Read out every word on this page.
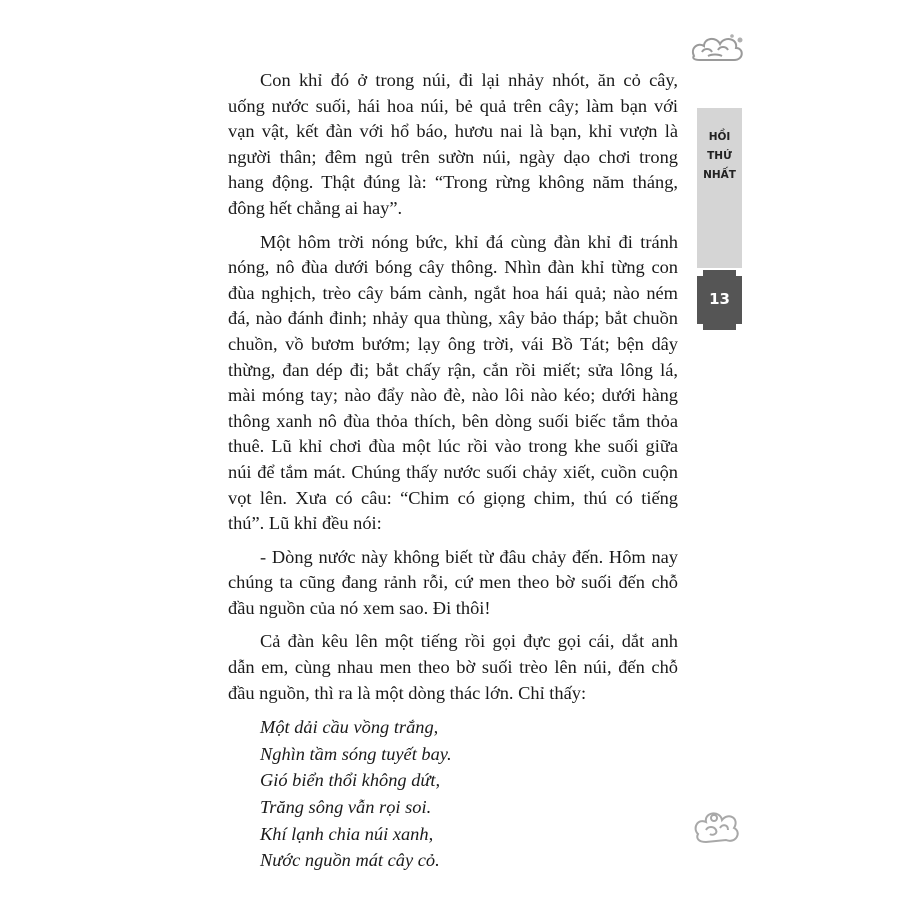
Con khỉ đó ở trong núi, đi lại nhảy nhót, ăn cỏ cây,
uống nước suối, hái hoa núi, bẻ quả trên cây; làm bạn với
vạn vật, kết đàn với hổ báo, hươu nai là bạn, khỉ vượn là
người thân; đêm ngủ trên sườn núi, ngày dạo chơi trong
hang động. Thật đúng là: “Trong rừng không năm tháng,
đông hết chẳng ai hay”.
Một hôm trời nóng bức, khỉ đá cùng đàn khỉ đi tránh
nóng, nô đùa dưới bóng cây thông. Nhìn đàn khỉ từng con
đùa nghịch, trèo cây bám cành, ngắt hoa hái quả; nào ném
đá, nào đánh đinh; nhảy qua thùng, xây bảo tháp; bắt chuồn
chuồn, vồ bươm bướm; lạy ông trời, vái Bồ Tát; bện dây
thừng, đan dép đi; bắt chấy rận, cắn rồi miết; sửa lông lá,
mài móng tay; nào đẩy nào đè, nào lôi nào kéo; dưới hàng
thông xanh nô đùa thỏa thích, bên dòng suối biếc tắm thỏa
thuê. Lũ khỉ chơi đùa một lúc rồi vào trong khe suối giữa
núi để tắm mát. Chúng thấy nước suối chảy xiết, cuồn cuộn
vọt lên. Xưa có câu: “Chim có giọng chim, thú có tiếng
thú”. Lũ khỉ đều nói:
- Dòng nước này không biết từ đâu chảy đến. Hôm nay
chúng ta cũng đang rảnh rỗi, cứ men theo bờ suối đến chỗ
đầu nguồn của nó xem sao. Đi thôi!
Cả đàn kêu lên một tiếng rồi gọi đực gọi cái, dắt anh
dẫn em, cùng nhau men theo bờ suối trèo lên núi, đến chỗ
đầu nguồn, thì ra là một dòng thác lớn. Chỉ thấy:
Một dải cầu vồng trắng,
Nghìn tầm sóng tuyết bay.
Gió biển thổi không dứt,
Trăng sông vẫn rọi soi.
Khí lạnh chia núi xanh,
Nước nguồn mát cây cỏ.
HỒI
THỨ
NHẤT
13
